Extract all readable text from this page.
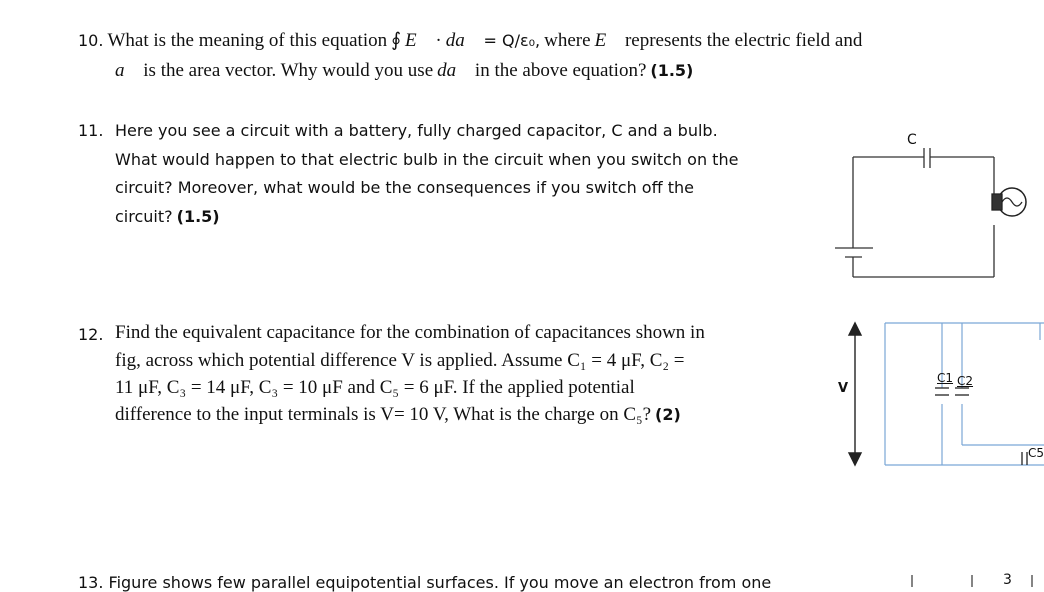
10. What is the meaning of this equation ∮ E⃗ · da⃗ = Q/ε₀, where E⃗ represents the electric field and
a⃗ is the area vector. Why would you use da⃗ in the above equation? (1.5)
11. Here you see a circuit with a battery, fully charged capacitor, C and a bulb.
What would happen to that electric bulb in the circuit when you switch on the
circuit? Moreover, what would be the consequences if you switch off the
circuit? (1.5)
12. Find the equivalent capacitance for the combination of capacitances shown in
fig, across which potential difference V is applied. Assume C₁ = 4 μF, C₂ =
11 μF, C₃ = 14 μF, C₃ = 10 μF and C₅ = 6 μF. If the applied potential
difference to the input terminals is V= 10 V, What is the charge on C₅? (2)
13. Figure shows few parallel equipotential surfaces. If you move an electron from one
C
V
C1 C2
C5
3
